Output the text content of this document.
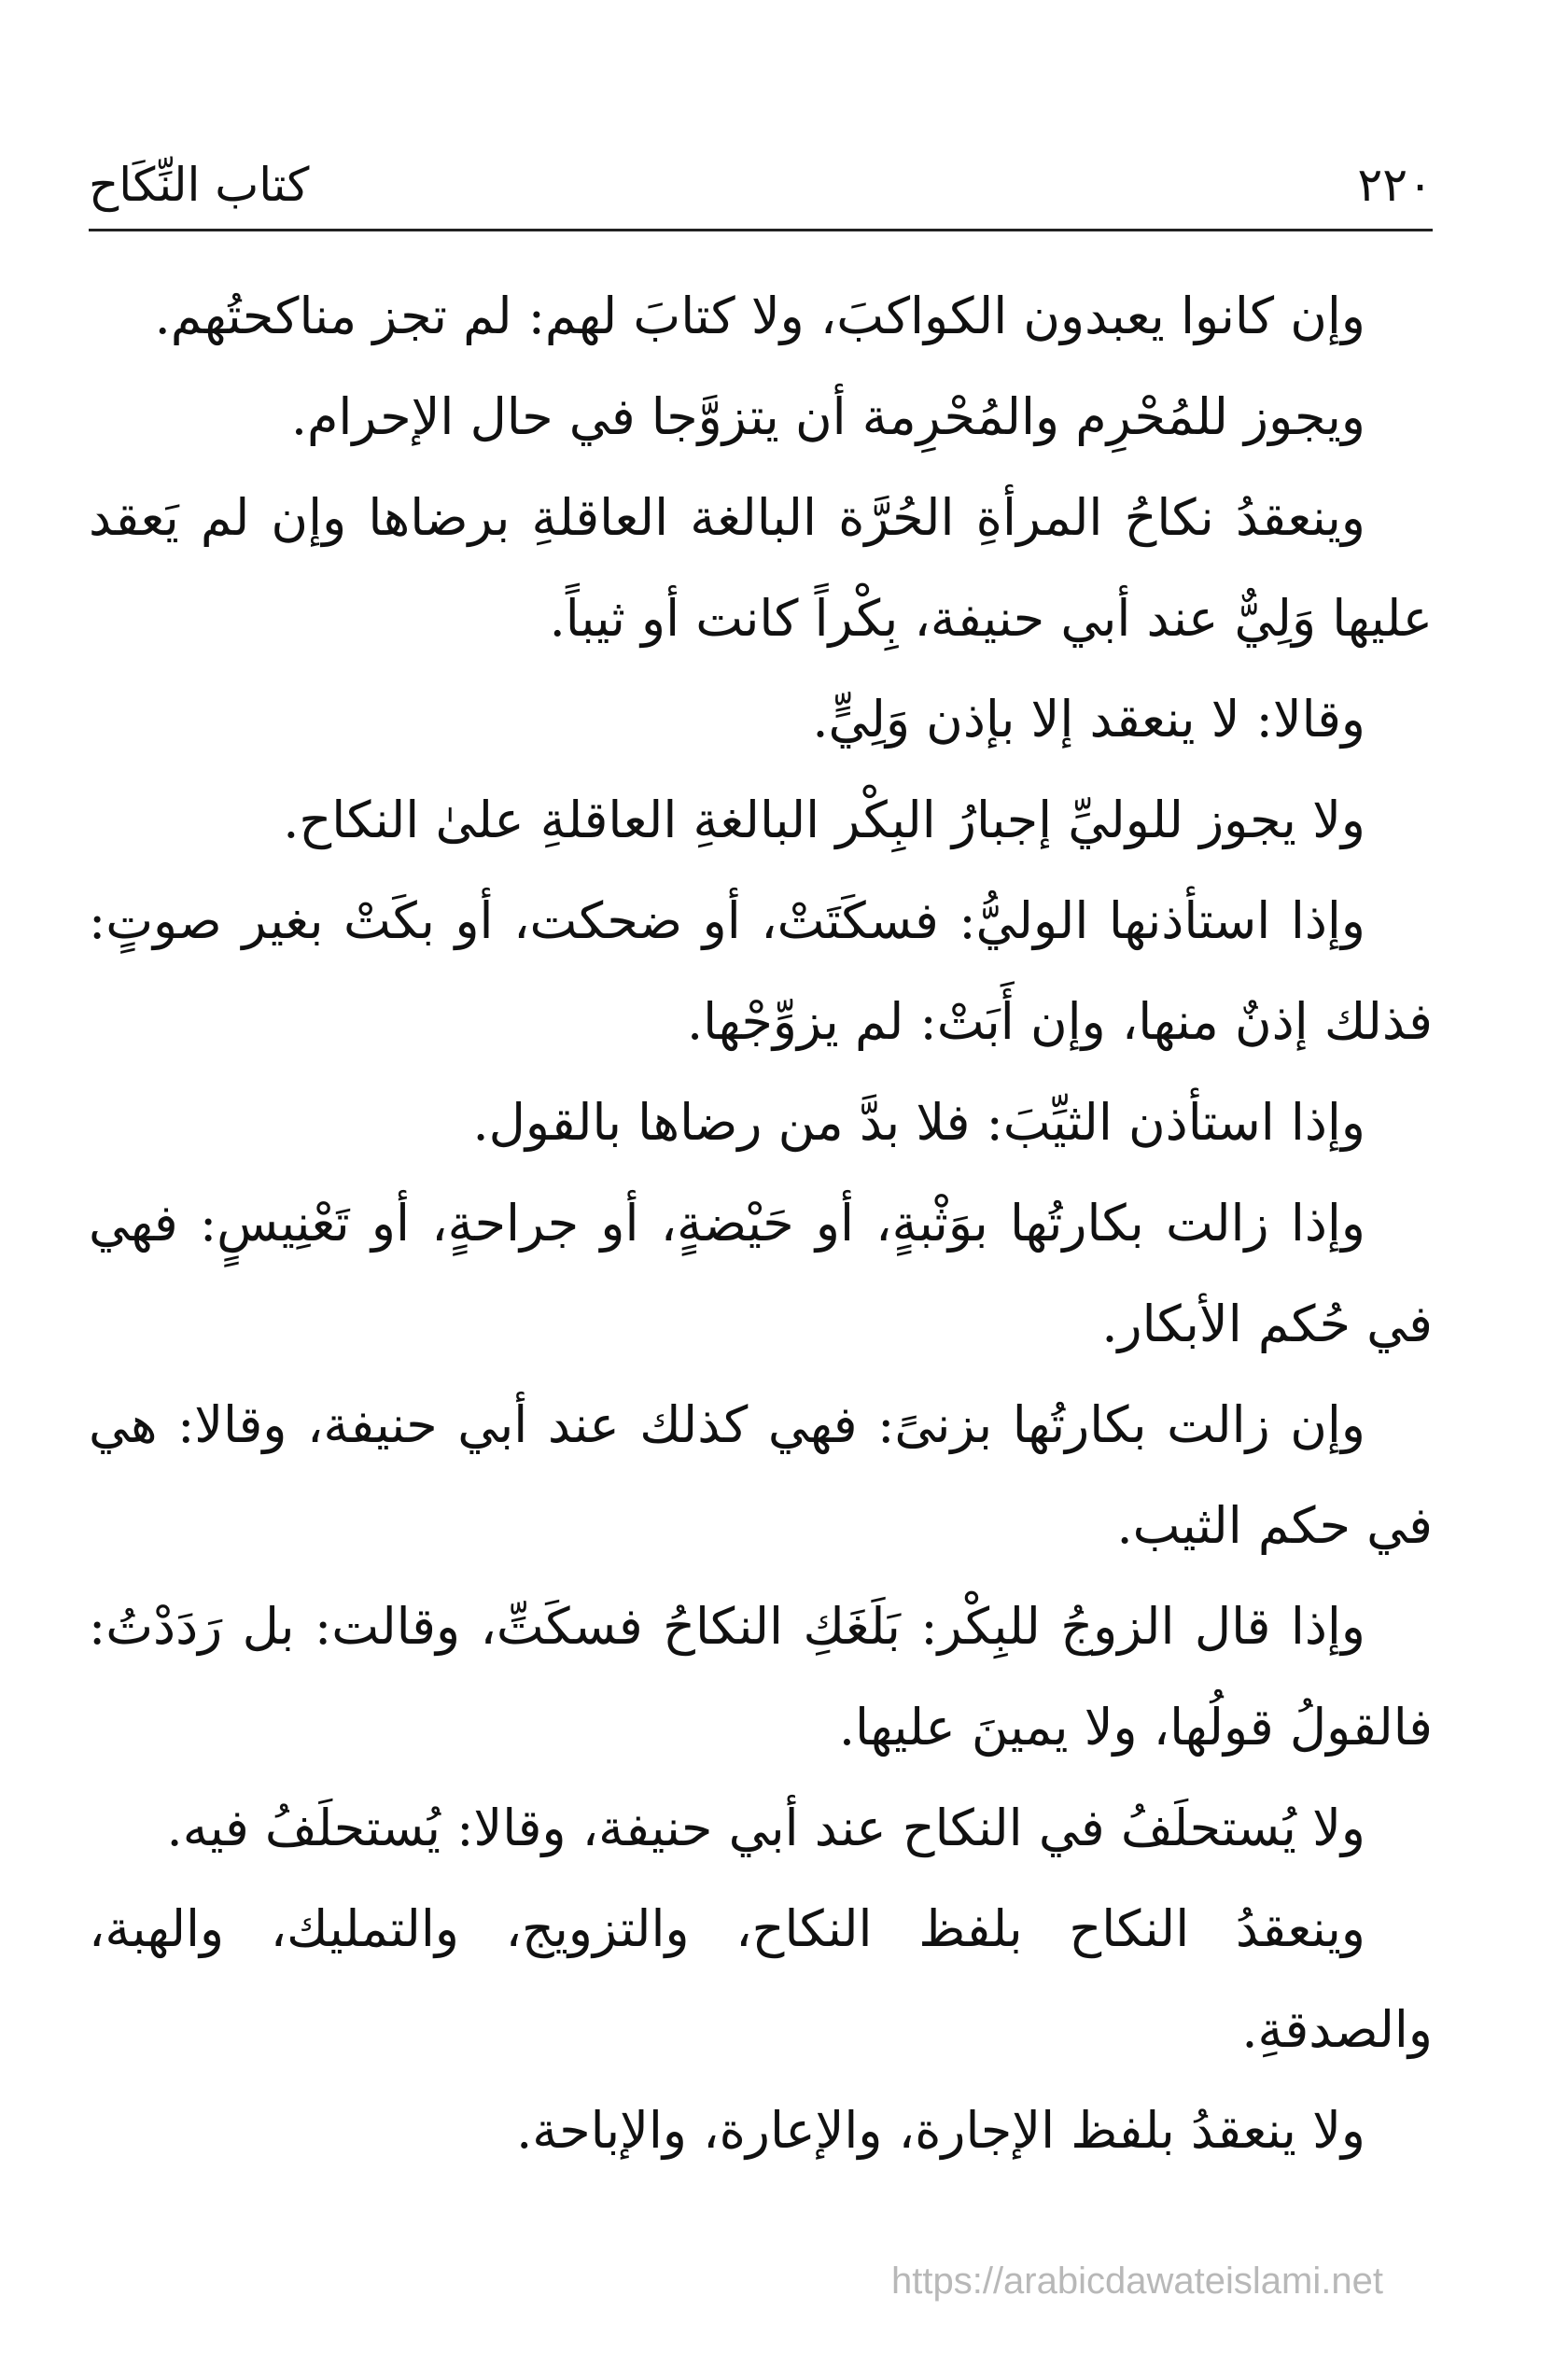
كتاب النِّكَاح	٢٢٠

وإن كانوا يعبدون الكواكبَ، ولا كتابَ لهم: لم تجز مناكحتُهم.

ويجوز للمُحْرِم والمُحْرِمة أن يتزوَّجا في حال الإحرام.

وينعقدُ نكاحُ المرأةِ الحُرَّة البالغة العاقلةِ برضاها وإن لم يَعقد عليها وَلِيٌّ عند أبي حنيفة، بِكْراً كانت أو ثيباً.

وقالا: لا ينعقد إلا بإذن وَلِيٍّ.

ولا يجوز للوليِّ إجبارُ البِكْر البالغةِ العاقلةِ علىٰ النكاح.

وإذا استأذنها الوليُّ: فسكَتَتْ، أو ضحكت، أو بكَتْ بغير صوتٍ: فذلك إذنٌ منها، وإن أَبَتْ: لم يزوِّجْها.

وإذا استأذن الثيِّبَ: فلا بدَّ من رضاها بالقول.

وإذا زالت بكارتُها بوَثْبةٍ، أو حَيْضةٍ، أو جراحةٍ، أو تَعْنِيسٍ: فهي في حُكم الأبكار.

وإن زالت بكارتُها بزنىً: فهي كذلك عند أبي حنيفة، وقالا: هي في حكم الثيب.

وإذا قال الزوجُ للبِكْر: بَلَغَكِ النكاحُ فسكَتِّ، وقالت: بل رَدَدْتُ: فالقولُ قولُها، ولا يمينَ عليها.

ولا يُستحلَفُ في النكاح عند أبي حنيفة، وقالا: يُستحلَفُ فيه.

وينعقدُ النكاح بلفظ النكاح، والتزويج، والتمليك، والهبة، والصدقةِ.

ولا ينعقدُ بلفظ الإجارة، والإعارة، والإباحة.

https://arabicdawateislami.net
